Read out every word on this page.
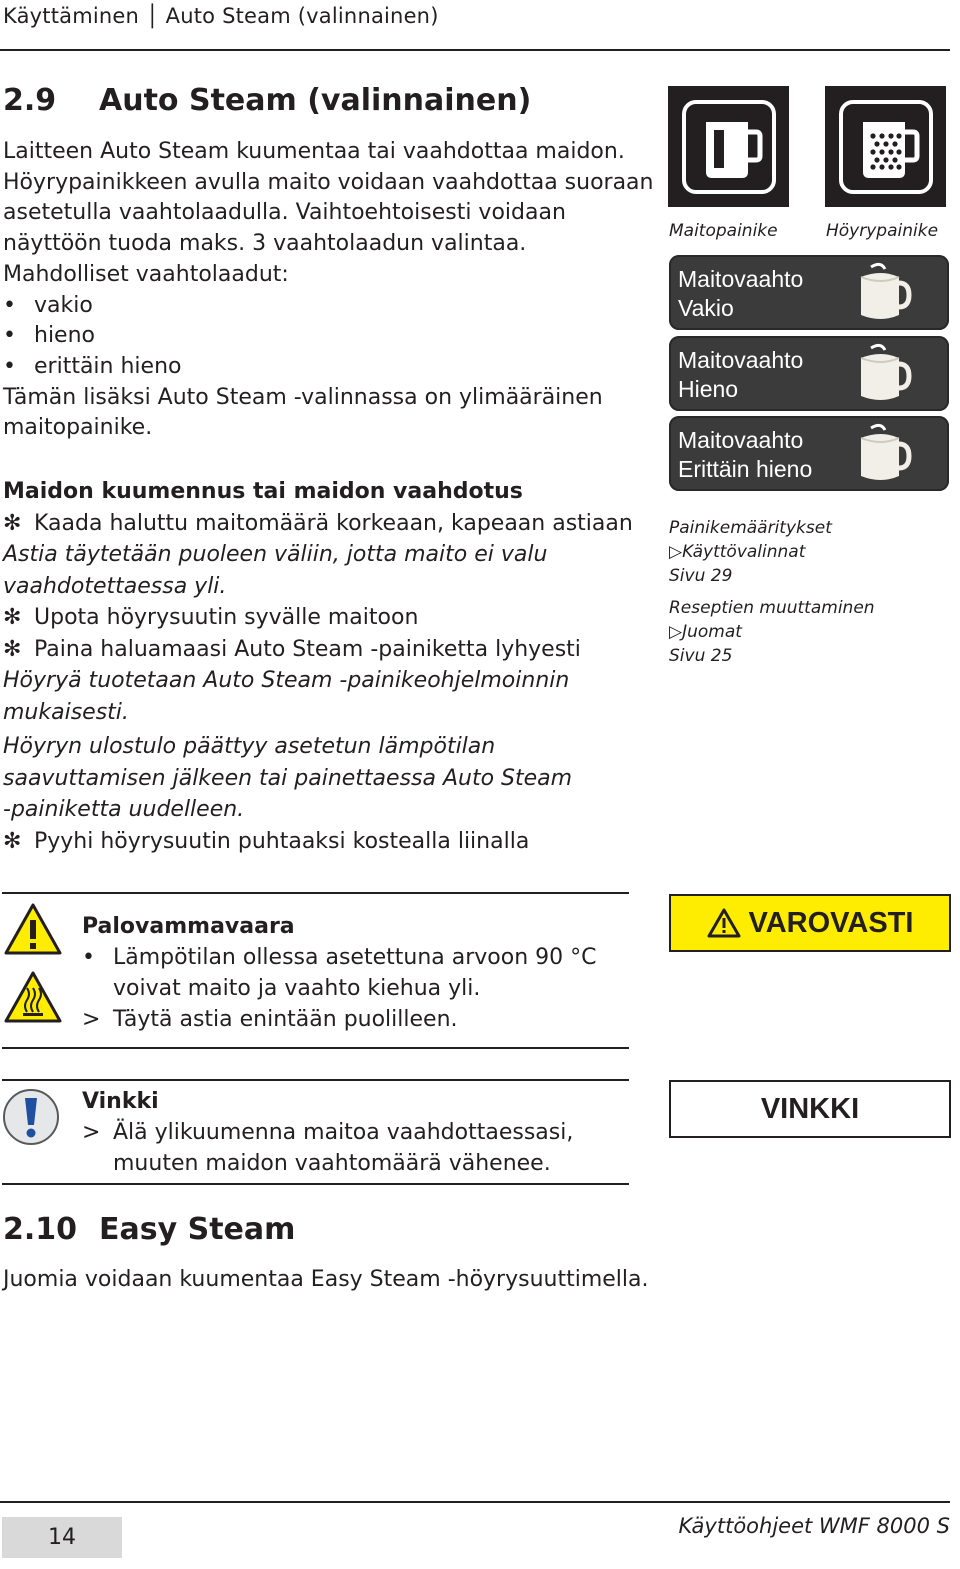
Käyttäminen │ Auto Steam (valinnainen)
2.9 Auto Steam (valinnainen)
Laitteen Auto Steam kuumentaa tai vaahdottaa maidon.
Höyrypainikkeen avulla maito voidaan vaahdottaa suoraan
asetetulla vaahtolaadulla. Vaihtoehtoisesti voidaan
näyttöön tuoda maks. 3 vaahtolaadun valintaa.
Mahdolliset vaahtolaadut:
• vakio
• hieno
• erittäin hieno
Tämän lisäksi Auto Steam -valinnassa on ylimääräinen
maitopainike.
Maidon kuumennus tai maidon vaahdotus
✻ Kaada haluttu maitomäärä korkeaan, kapeaan astiaan
Astia täytetään puoleen väliin, jotta maito ei valu
vaahdotettaessa yli.
✻ Upota höyrysuutin syvälle maitoon
✻ Paina haluamaasi Auto Steam -painiketta lyhyesti
Höyryä tuotetaan Auto Steam -painikeohjelmoinnin
mukaisesti.
Höyryn ulostulo päättyy asetetun lämpötilan
saavuttamisen jälkeen tai painettaessa Auto Steam
-painiketta uudelleen.
✻ Pyyhi höyrysuutin puhtaaksi kostealla liinalla
Maitopainike	Höyrypainike
Maitovaahto
Vakio
Maitovaahto
Hieno
Maitovaahto
Erittäin hieno
Painikemääritykset
▷Käyttövalinnat
Sivu 29
Reseptien muuttaminen
▷Juomat
Sivu 25
Palovammavaara
• Lämpötilan ollessa asetettuna arvoon 90 °C
voivat maito ja vaahto kiehua yli.
> Täytä astia enintään puolilleen.
VAROVASTI
Vinkki
> Älä ylikuumenna maitoa vaahdottaessasi,
muuten maidon vaahtomäärä vähenee.
VINKKI
2.10 Easy Steam
Juomia voidaan kuumentaa Easy Steam -höyrysuuttimella.
14	Käyttöohjeet WMF 8000 S
